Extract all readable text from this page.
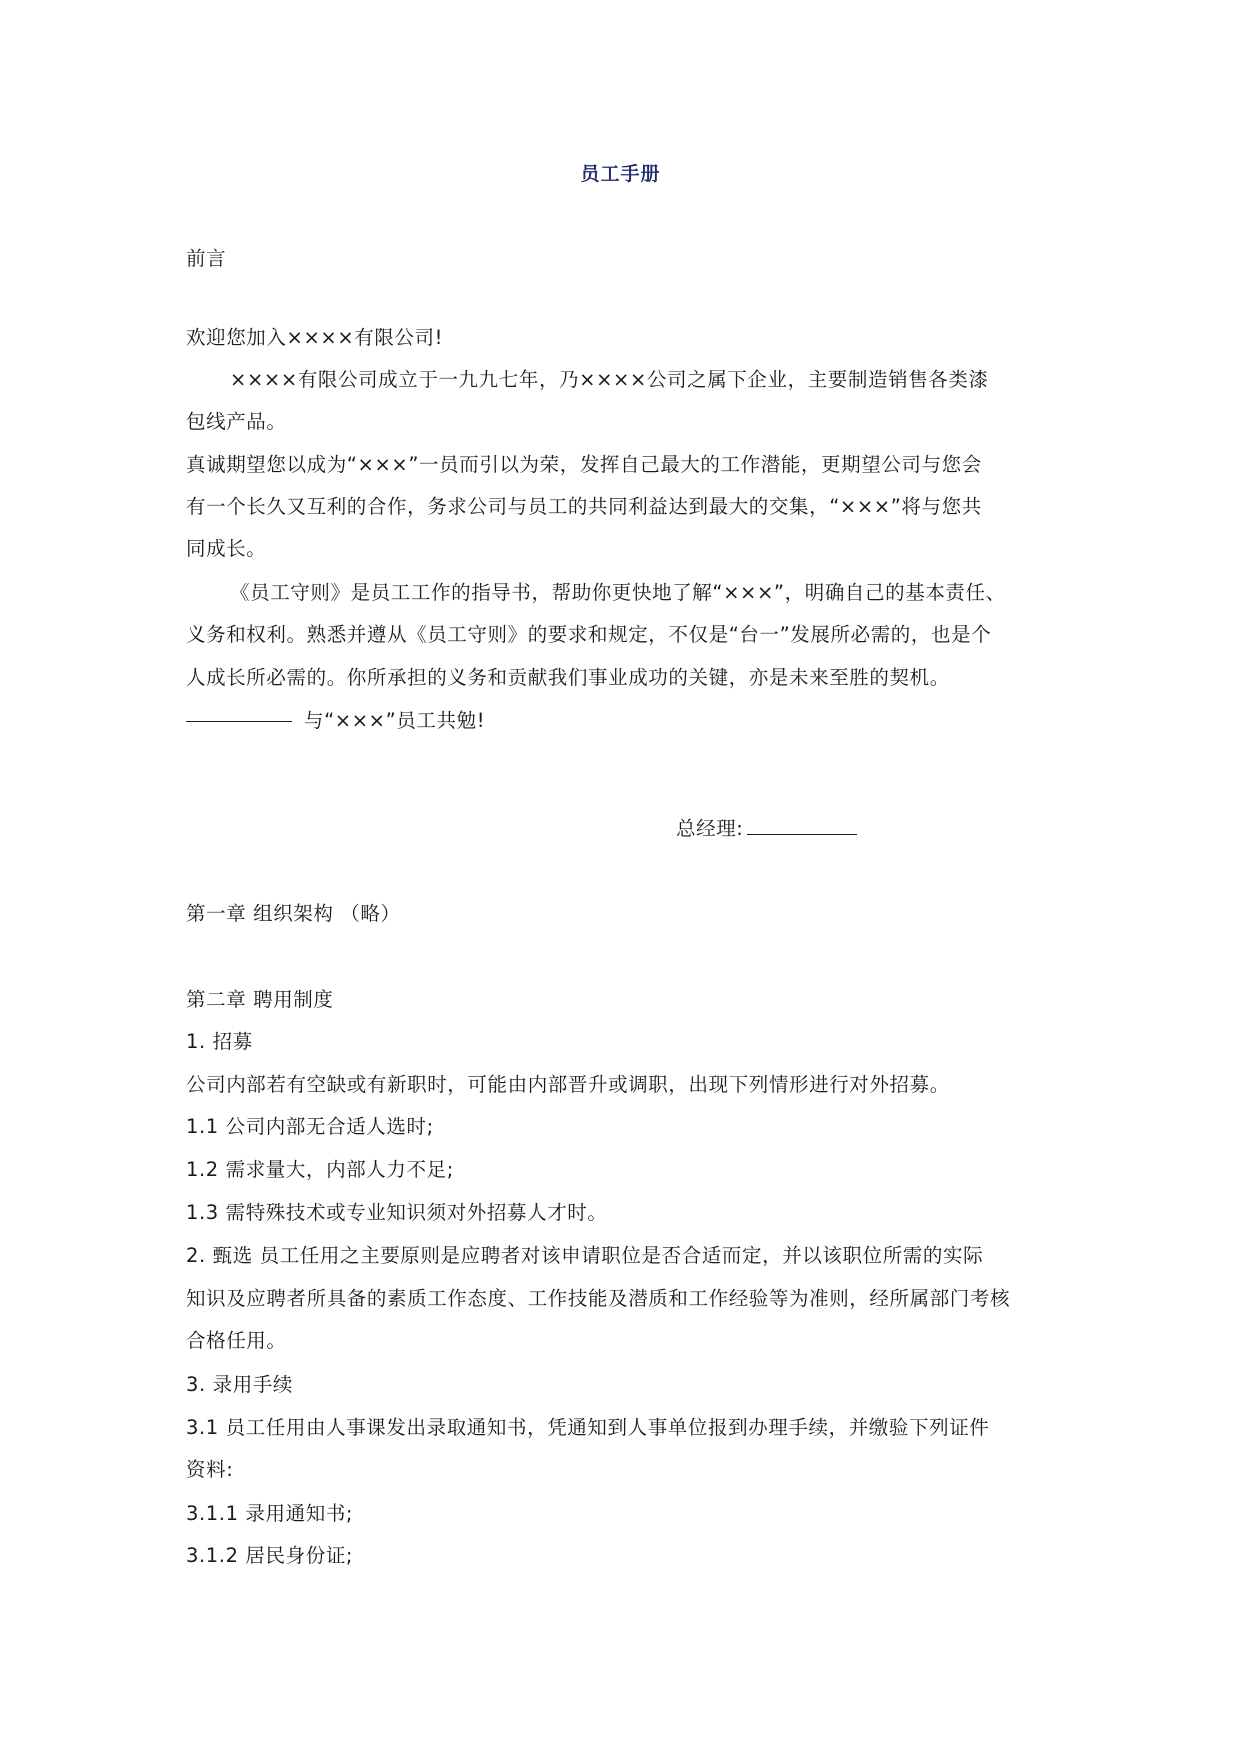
员工手册
前言
欢迎您加入××××有限公司!
××××有限公司成立于一九九七年，乃××××公司之属下企业，主要制造销售各类漆
包线产品。
真诚期望您以成为“×××”一员而引以为荣，发挥自己最大的工作潜能，更期望公司与您会
有一个长久又互利的合作，务求公司与员工的共同利益达到最大的交集，“×××”将与您共
同成长。
《员工守则》是员工工作的指导书，帮助你更快地了解“×××”，明确自己的基本责任、
义务和权利。熟悉并遵从《员工守则》的要求和规定，不仅是“台一”发展所必需的，也是个
人成长所必需的。你所承担的义务和贡献我们事业成功的关键，亦是未来至胜的契机。
与“×××”员工共勉!
总经理:
第一章 组织架构 （略）
第二章 聘用制度
1. 招募
公司内部若有空缺或有新职时，可能由内部晋升或调职，出现下列情形进行对外招募。
1.1 公司内部无合适人选时;
1.2 需求量大，内部人力不足;
1.3 需特殊技术或专业知识须对外招募人才时。
2. 甄选 员工任用之主要原则是应聘者对该申请职位是否合适而定，并以该职位所需的实际
知识及应聘者所具备的素质工作态度、工作技能及潜质和工作经验等为准则，经所属部门考核
合格任用。
3. 录用手续
3.1 员工任用由人事课发出录取通知书，凭通知到人事单位报到办理手续，并缴验下列证件
资料:
3.1.1 录用通知书;
3.1.2 居民身份证;
